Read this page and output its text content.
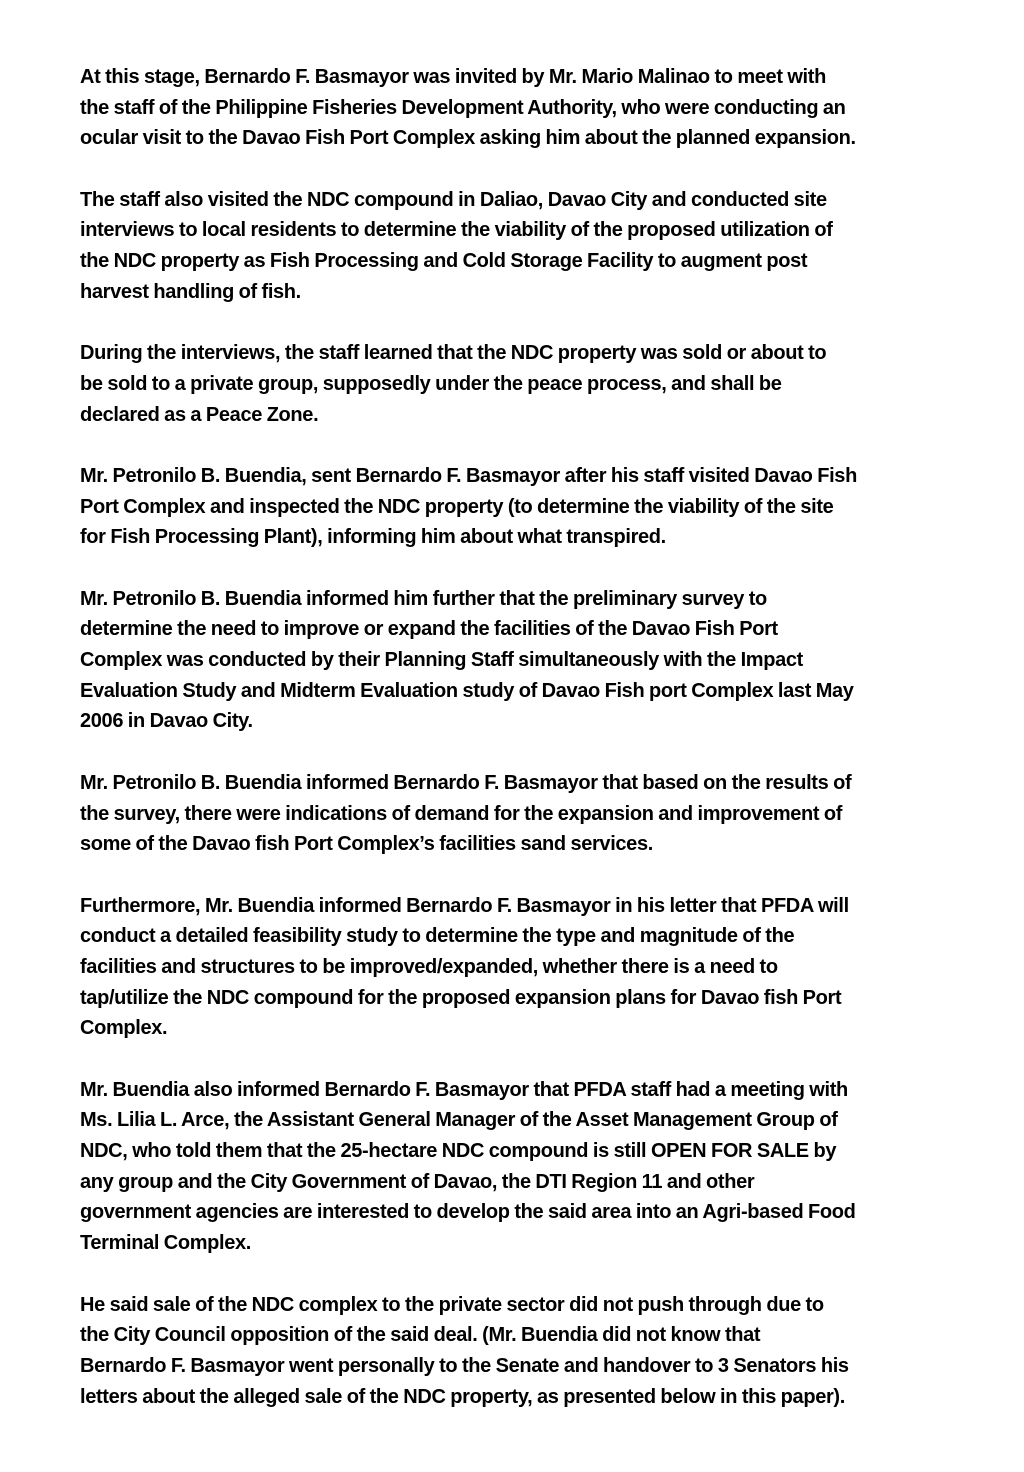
At this stage, Bernardo F. Basmayor was invited by Mr. Mario Malinao to meet with
the staff of the Philippine Fisheries Development Authority, who were conducting an
ocular visit to the Davao Fish Port Complex asking him about the planned expansion.
The staff also visited the NDC compound in Daliao, Davao City and conducted site
interviews to local residents to determine the viability of the proposed utilization of
the NDC property as Fish Processing and Cold Storage Facility to augment post
harvest handling of fish.
During the interviews, the staff learned that the NDC property was sold or about to
be sold to a private group, supposedly under the peace process, and shall be
declared as a Peace Zone.
Mr. Petronilo B. Buendia, sent Bernardo F. Basmayor after his staff visited Davao Fish
Port Complex and inspected the NDC property (to determine the viability of the site
for Fish Processing Plant), informing him about what transpired.
Mr. Petronilo B. Buendia informed him further that the preliminary survey to
determine the need to improve or expand the facilities of the Davao Fish Port
Complex was conducted by their Planning Staff simultaneously with the Impact
Evaluation Study and Midterm Evaluation study of Davao Fish port Complex last May
2006 in Davao City.
Mr. Petronilo B. Buendia informed Bernardo F. Basmayor that based on the results of
the survey, there were indications of demand for the expansion and improvement of
some of the Davao fish Port Complex’s facilities sand services.
Furthermore, Mr. Buendia informed Bernardo F. Basmayor in his letter that PFDA will
conduct a detailed feasibility study to determine the type and magnitude of the
facilities and structures to be improved/expanded, whether there is a need to
tap/utilize the NDC compound for the proposed expansion plans for Davao fish Port
Complex.
Mr. Buendia also informed Bernardo F. Basmayor that PFDA staff had a meeting with
Ms. Lilia L. Arce, the Assistant General Manager of the Asset Management Group of
NDC, who told them that the 25-hectare NDC compound is still OPEN FOR SALE by
any group and the City Government of Davao, the DTI Region 11 and other
government agencies are interested to develop the said area into an Agri-based Food
Terminal Complex.
He said sale of the NDC complex to the private sector did not push through due to
the City Council opposition of the said deal. (Mr. Buendia did not know that
Bernardo F. Basmayor went personally to the Senate and handover to 3 Senators his
letters about the alleged sale of the NDC property, as presented below in this paper).
